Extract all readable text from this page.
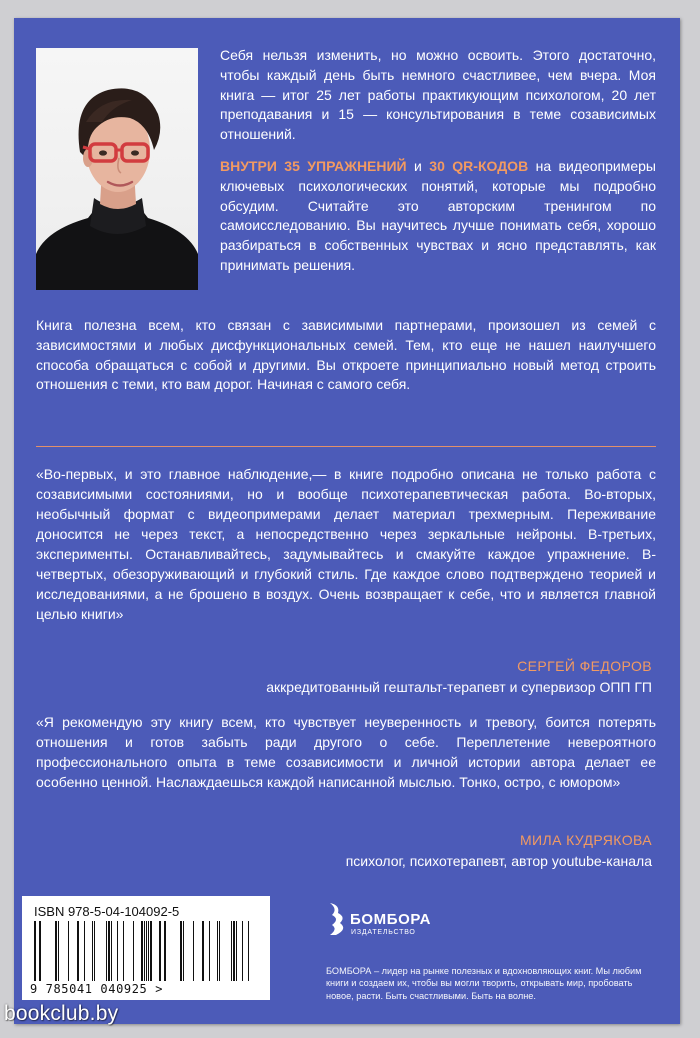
Себя нельзя изменить, но можно освоить. Этого достаточно, чтобы каждый день быть немного счастливее, чем вчера. Моя книга — итог 25 лет работы практикующим психологом, 20 лет преподавания и 15 — консультирования в теме созависимых отношений.

ВНУТРИ 35 УПРАЖНЕНИЙ и 30 QR-КОДОВ на видеопримеры ключевых психологических понятий, которые мы подробно обсудим. Считайте это авторским тренингом по самоисследованию. Вы научитесь лучше понимать себя, хорошо разбираться в собственных чувствах и ясно представлять, как принимать решения.

Книга полезна всем, кто связан с зависимыми партнерами, произошел из семей с зависимостями и любых дисфункциональных семей. Тем, кто еще не нашел наилучшего способа обращаться с собой и другими. Вы откроете принципиально новый метод строить отношения с теми, кто вам дорог. Начиная с самого себя.

«Во-первых, и это главное наблюдение,— в книге подробно описана не только работа с созависимыми состояниями, но и вообще психотерапевтическая работа. Во-вторых, необычный формат с видеопримерами делает материал трехмерным. Переживание доносится не через текст, а непосредственно через зеркальные нейроны. В-третьих, эксперименты. Останавливайтесь, задумывайтесь и смакуйте каждое упражнение. В-четвертых, обезоруживающий и глубокий стиль. Где каждое слово подтверждено теорией и исследованиями, а не брошено в воздух. Очень возвращает к себе, что и является главной целью книги»

СЕРГЕЙ ФЕДОРОВ
аккредитованный гештальт-терапевт и супервизор ОПП ГП

«Я рекомендую эту книгу всем, кто чувствует неуверенность и тревогу, боится потерять отношения и готов забыть ради другого о себе. Переплетение невероятного профессионального опыта в теме созависимости и личной истории автора делает ее особенно ценной. Наслаждаешься каждой написанной мыслью. Тонко, остро, с юмором»

МИЛА КУДРЯКОВА
психолог, психотерапевт, автор youtube-канала
ISBN 978-5-04-104092-5
9 785041 040925 >
БОМБОРА
ИЗДАТЕЛЬСТВО

БОМБОРА – лидер на рынке полезных и вдохновляющих книг. Мы любим книги и создаем их, чтобы вы могли творить, открывать мир, пробовать новое, расти. Быть счастливыми. Быть на волне.

bookclub.by
